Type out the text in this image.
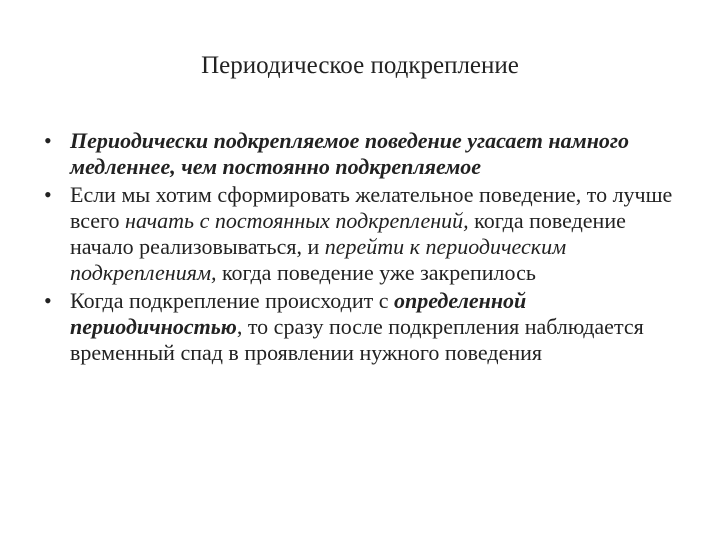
Периодическое подкрепление
• Периодически подкрепляемое поведение угасает намного медленнее, чем постоянно подкрепляемое
• Если мы хотим сформировать желательное поведение, то лучше всего начать с постоянных подкреплений, когда поведение начало реализовываться, и перейти к периодическим подкреплениям, когда поведение уже закрепилось
• Когда подкрепление происходит с определенной периодичностью, то сразу после подкрепления наблюдается временный спад в проявлении нужного поведения
